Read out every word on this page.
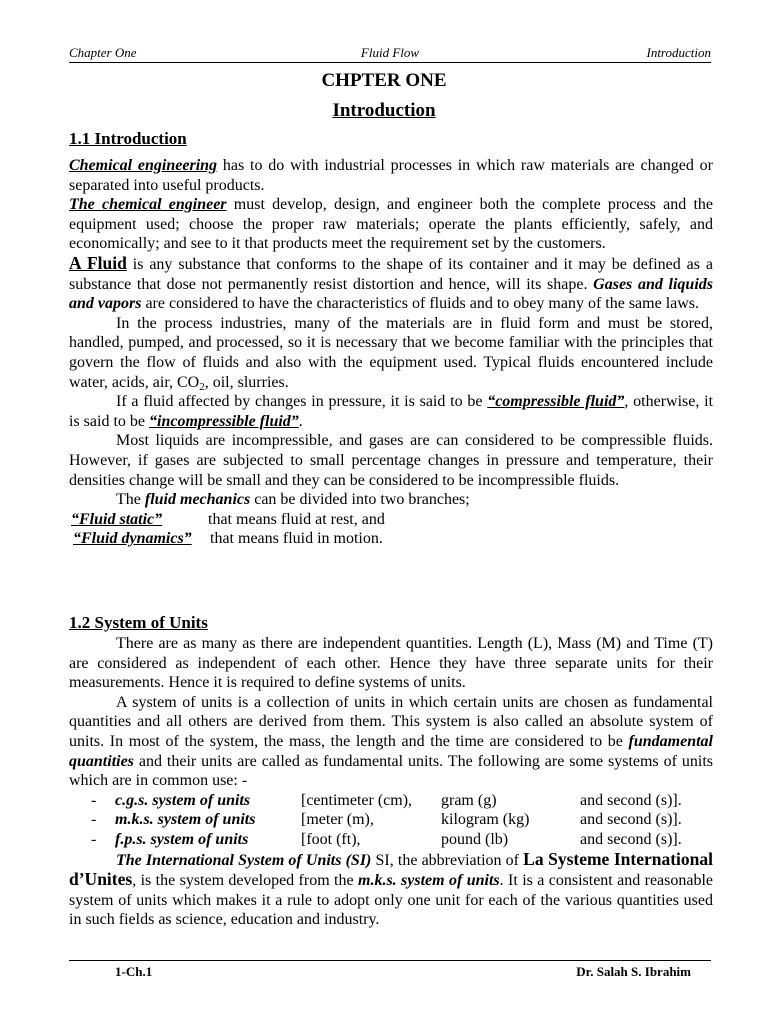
Chapter One	Fluid Flow	Introduction
CHPTER ONE
Introduction
1.1 Introduction

Chemical engineering has to do with industrial processes in which raw materials are changed or separated into useful products.

The chemical engineer must develop, design, and engineer both the complete process and the equipment used; choose the proper raw materials; operate the plants efficiently, safely, and economically; and see to it that products meet the requirement set by the customers.

A Fluid is any substance that conforms to the shape of its container and it may be defined as a substance that dose not permanently resist distortion and hence, will its shape. Gases and liquids and vapors are considered to have the characteristics of fluids and to obey many of the same laws.

In the process industries, many of the materials are in fluid form and must be stored, handled, pumped, and processed, so it is necessary that we become familiar with the principles that govern the flow of fluids and also with the equipment used. Typical fluids encountered include water, acids, air, $CO_2$, oil, slurries.

If a fluid affected by changes in pressure, it is said to be “compressible fluid”, otherwise, it is said to be “incompressible fluid”.

Most liquids are incompressible, and gases are can considered to be compressible fluids. However, if gases are subjected to small percentage changes in pressure and temperature, their densities change will be small and they can be considered to be incompressible fluids.

The fluid mechanics can be divided into two branches;

“Fluid static”	that means fluid at rest, and
“Fluid dynamics” that means fluid in motion.
1.2 System of Units

There are as many as there are independent quantities. Length (L), Mass (M) and Time (T) are considered as independent of each other. Hence they have three separate units for their measurements. Hence it is required to define systems of units.

A system of units is a collection of units in which certain units are chosen as fundamental quantities and all others are derived from them. This system is also called an absolute system of units. In most of the system, the mass, the length and the time are considered to be fundamental quantities and their units are called as fundamental units. The following are some systems of units which are in common use: -

- c.g.s. system of units	[centimeter (cm), gram (g)	and second (s)].
- m.k.s. system of units	[meter (m),	kilogram (kg)	and second (s)].
- f.p.s. system of units	[foot (ft),	pound (lb)	and second (s)].

The International System of Units (SI) SI, the abbreviation of La Systeme International d’Unites, is the system developed from the m.k.s. system of units. It is a consistent and reasonable system of units which makes it a rule to adopt only one unit for each of the various quantities used in such fields as science, education and industry.

1-Ch.1	Dr. Salah S. Ibrahim
